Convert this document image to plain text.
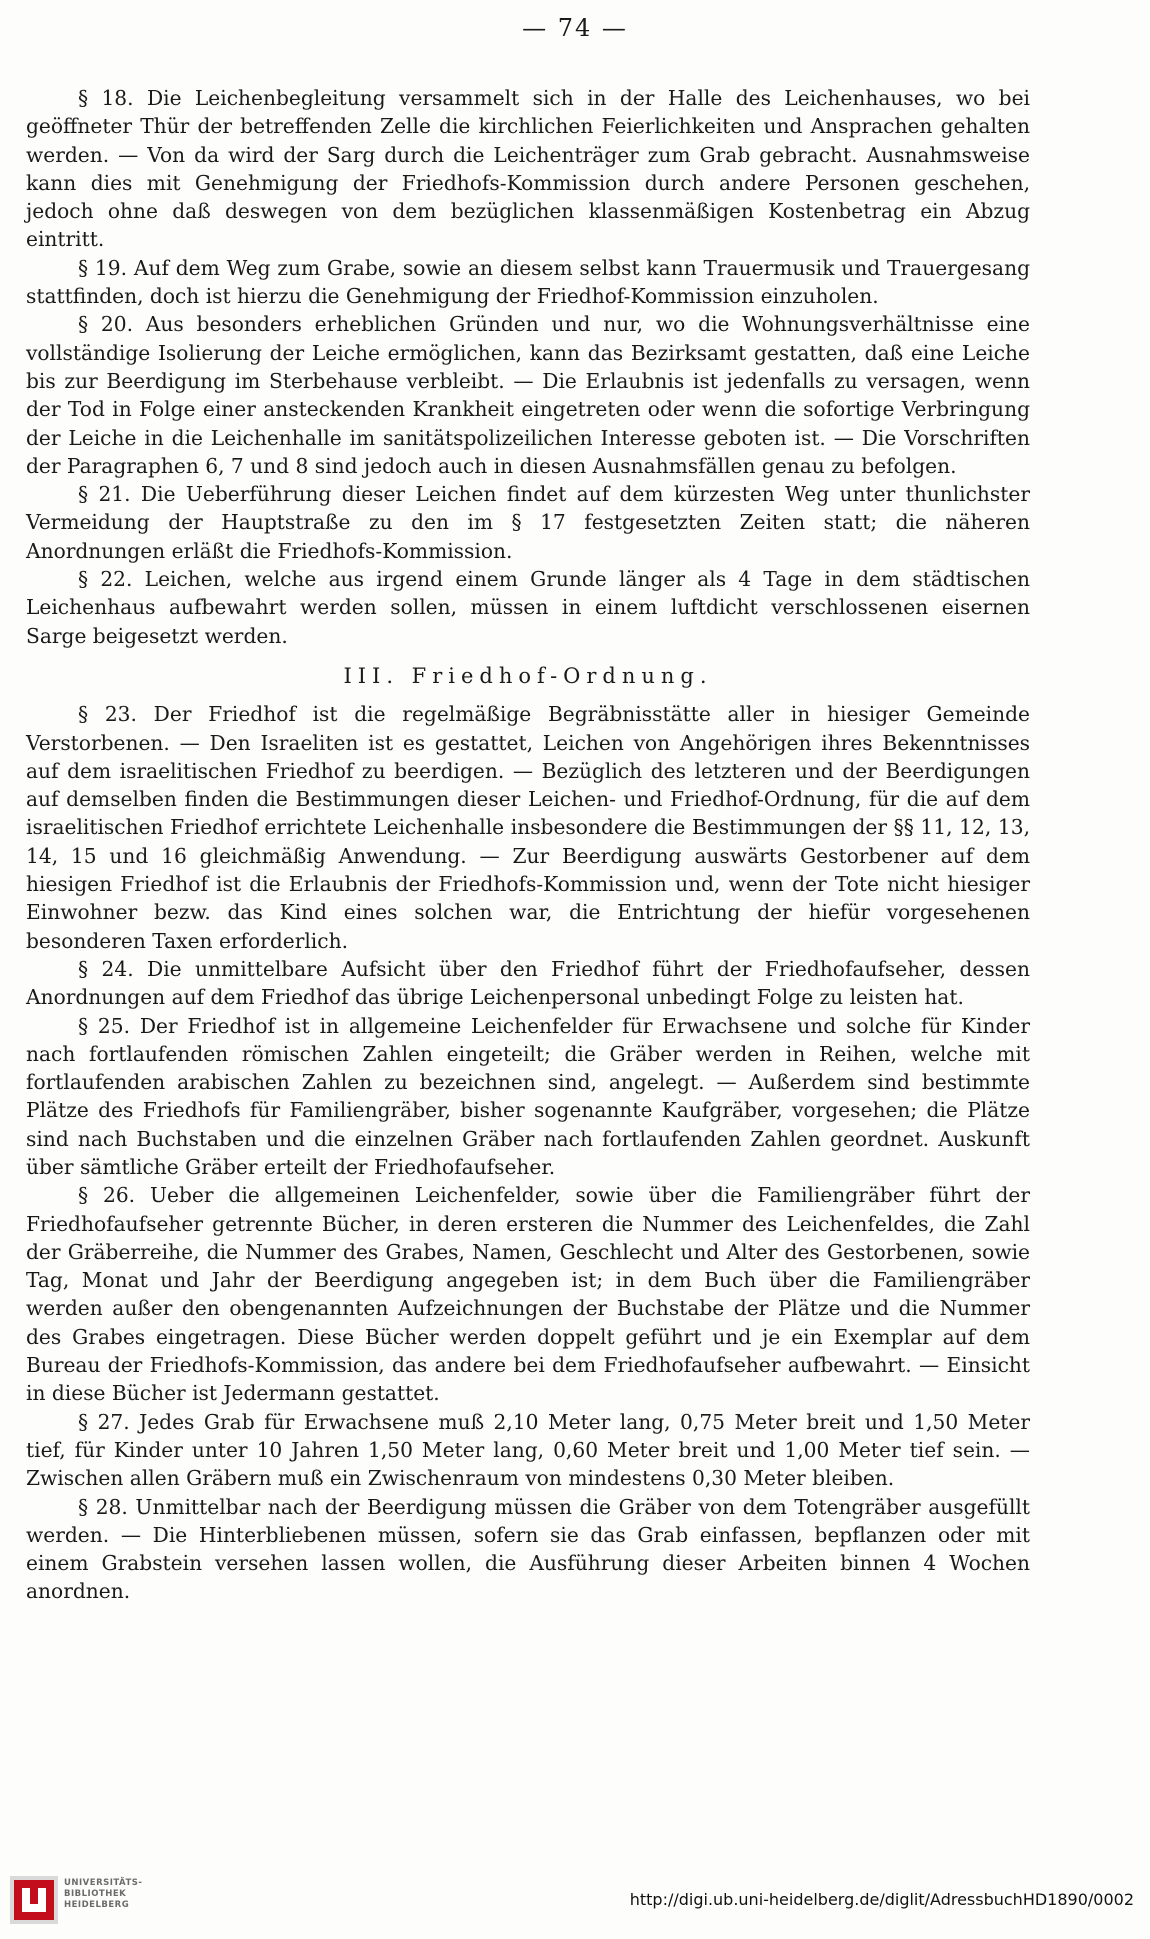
— 74 —

§ 18. Die Leichenbegleitung versammelt sich in der Halle des Leichenhauses, wo bei geöffneter Thür der betreffenden Zelle die kirchlichen Feierlichkeiten und Ansprachen gehalten werden. — Von da wird der Sarg durch die Leichenträger zum Grab gebracht. Ausnahmsweise kann dies mit Genehmigung der Friedhofs-Kommission durch andere Personen geschehen, jedoch ohne daß deswegen von dem bezüglichen klassenmäßigen Kostenbetrag ein Abzug eintritt.

§ 19. Auf dem Weg zum Grabe, sowie an diesem selbst kann Trauermusik und Trauergesang stattfinden, doch ist hierzu die Genehmigung der Friedhof-Kommission einzuholen.

§ 20. Aus besonders erheblichen Gründen und nur, wo die Wohnungsverhältnisse eine vollständige Isolierung der Leiche ermöglichen, kann das Bezirksamt gestatten, daß eine Leiche bis zur Beerdigung im Sterbehause verbleibt. — Die Erlaubnis ist jedenfalls zu versagen, wenn der Tod in Folge einer ansteckenden Krankheit eingetreten oder wenn die sofortige Verbringung der Leiche in die Leichenhalle im sanitätspolizeilichen Interesse geboten ist. — Die Vorschriften der Paragraphen 6, 7 und 8 sind jedoch auch in diesen Ausnahmsfällen genau zu befolgen.

§ 21. Die Ueberführung dieser Leichen findet auf dem kürzesten Weg unter thunlichster Vermeidung der Hauptstraße zu den im § 17 festgesetzten Zeiten statt; die näheren Anordnungen erläßt die Friedhofs-Kommission.

§ 22. Leichen, welche aus irgend einem Grunde länger als 4 Tage in dem städtischen Leichenhaus aufbewahrt werden sollen, müssen in einem luftdicht verschlossenen eisernen Sarge beigesetzt werden.

III. Friedhof-Ordnung.

§ 23. Der Friedhof ist die regelmäßige Begräbnisstätte aller in hiesiger Gemeinde Verstorbenen. — Den Israeliten ist es gestattet, Leichen von Angehörigen ihres Bekenntnisses auf dem israelitischen Friedhof zu beerdigen. — Bezüglich des letzteren und der Beerdigungen auf demselben finden die Bestimmungen dieser Leichen- und Friedhof-Ordnung, für die auf dem israelitischen Friedhof errichtete Leichenhalle insbesondere die Bestimmungen der §§ 11, 12, 13, 14, 15 und 16 gleichmäßig Anwendung. — Zur Beerdigung auswärts Gestorbener auf dem hiesigen Friedhof ist die Erlaubnis der Friedhofs-Kommission und, wenn der Tote nicht hiesiger Einwohner bezw. das Kind eines solchen war, die Entrichtung der hiefür vorgesehenen besonderen Taxen erforderlich.

§ 24. Die unmittelbare Aufsicht über den Friedhof führt der Friedhofaufseher, dessen Anordnungen auf dem Friedhof das übrige Leichenpersonal unbedingt Folge zu leisten hat.

§ 25. Der Friedhof ist in allgemeine Leichenfelder für Erwachsene und solche für Kinder nach fortlaufenden römischen Zahlen eingeteilt; die Gräber werden in Reihen, welche mit fortlaufenden arabischen Zahlen zu bezeichnen sind, angelegt. — Außerdem sind bestimmte Plätze des Friedhofs für Familiengräber, bisher sogenannte Kaufgräber, vorgesehen; die Plätze sind nach Buchstaben und die einzelnen Gräber nach fortlaufenden Zahlen geordnet. Auskunft über sämtliche Gräber erteilt der Friedhofaufseher.

§ 26. Ueber die allgemeinen Leichenfelder, sowie über die Familiengräber führt der Friedhofaufseher getrennte Bücher, in deren ersteren die Nummer des Leichenfeldes, die Zahl der Gräberreihe, die Nummer des Grabes, Namen, Geschlecht und Alter des Gestorbenen, sowie Tag, Monat und Jahr der Beerdigung angegeben ist; in dem Buch über die Familiengräber werden außer den obengenannten Aufzeichnungen der Buchstabe der Plätze und die Nummer des Grabes eingetragen. Diese Bücher werden doppelt geführt und je ein Exemplar auf dem Bureau der Friedhofs-Kommission, das andere bei dem Friedhofaufseher aufbewahrt. — Einsicht in diese Bücher ist Jedermann gestattet.

§ 27. Jedes Grab für Erwachsene muß 2,10 Meter lang, 0,75 Meter breit und 1,50 Meter tief, für Kinder unter 10 Jahren 1,50 Meter lang, 0,60 Meter breit und 1,00 Meter tief sein. — Zwischen allen Gräbern muß ein Zwischenraum von mindestens 0,30 Meter bleiben.

§ 28. Unmittelbar nach der Beerdigung müssen die Gräber von dem Totengräber ausgefüllt werden. — Die Hinterbliebenen müssen, sofern sie das Grab einfassen, bepflanzen oder mit einem Grabstein versehen lassen wollen, die Ausführung dieser Arbeiten binnen 4 Wochen anordnen.

UNIVERSITÄTS-
BIBLIOTHEK
HEIDELBERG	http://digi.ub.uni-heidelberg.de/diglit/AdressbuchHD1890/0002
